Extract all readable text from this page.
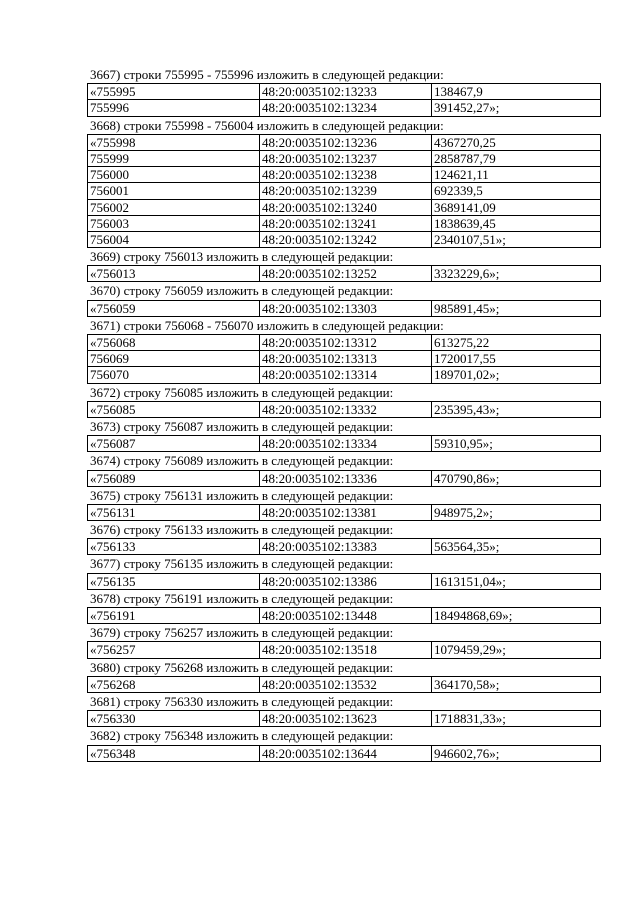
3667) строки 755995 - 755996 изложить в следующей редакции:
«755995	48:20:0035102:13233	138467,9
755996	48:20:0035102:13234	391452,27»;
3668) строки 755998 - 756004 изложить в следующей редакции:
«755998	48:20:0035102:13236	4367270,25
755999	48:20:0035102:13237	2858787,79
756000	48:20:0035102:13238	124621,11
756001	48:20:0035102:13239	692339,5
756002	48:20:0035102:13240	3689141,09
756003	48:20:0035102:13241	1838639,45
756004	48:20:0035102:13242	2340107,51»;
3669) строку 756013 изложить в следующей редакции:
«756013	48:20:0035102:13252	3323229,6»;
3670) строку 756059 изложить в следующей редакции:
«756059	48:20:0035102:13303	985891,45»;
3671) строки 756068 - 756070 изложить в следующей редакции:
«756068	48:20:0035102:13312	613275,22
756069	48:20:0035102:13313	1720017,55
756070	48:20:0035102:13314	189701,02»;
3672) строку 756085 изложить в следующей редакции:
«756085	48:20:0035102:13332	235395,43»;
3673) строку 756087 изложить в следующей редакции:
«756087	48:20:0035102:13334	59310,95»;
3674) строку 756089 изложить в следующей редакции:
«756089	48:20:0035102:13336	470790,86»;
3675) строку 756131 изложить в следующей редакции:
«756131	48:20:0035102:13381	948975,2»;
3676) строку 756133 изложить в следующей редакции:
«756133	48:20:0035102:13383	563564,35»;
3677) строку 756135 изложить в следующей редакции:
«756135	48:20:0035102:13386	1613151,04»;
3678) строку 756191 изложить в следующей редакции:
«756191	48:20:0035102:13448	18494868,69»;
3679) строку 756257 изложить в следующей редакции:
«756257	48:20:0035102:13518	1079459,29»;
3680) строку 756268 изложить в следующей редакции:
«756268	48:20:0035102:13532	364170,58»;
3681) строку 756330 изложить в следующей редакции:
«756330	48:20:0035102:13623	1718831,33»;
3682) строку 756348 изложить в следующей редакции:
«756348	48:20:0035102:13644	946602,76»;
